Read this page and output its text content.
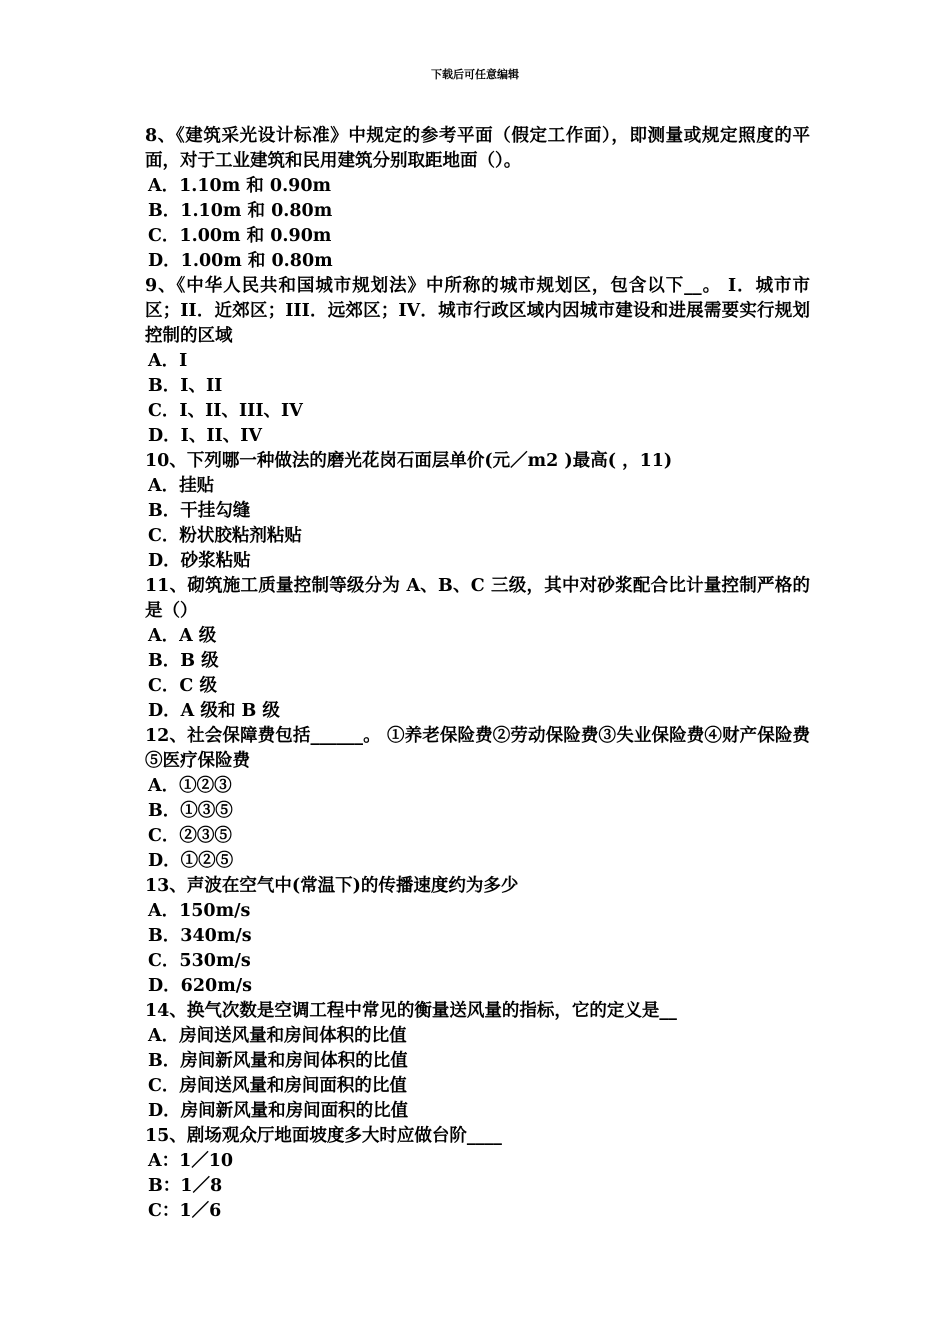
下载后可任意编辑

8、《建筑采光设计标准》中规定的参考平面（假定工作面），即测量或规定照度的平面，对于工业建筑和民用建筑分别取距地面（）。

A．1.10m 和 0.90m

B．1.10m 和 0.80m

C．1.00m 和 0.90m

D．1.00m 和 0.80m

9、《中华人民共和国城市规划法》中所称的城市规划区，包含以下__。 I．城市市区；II．近郊区；III．远郊区；IV．城市行政区域内因城市建设和进展需要实行规划控制的区域

A．I

B．I、II

C．I、II、III、IV

D．I、II、IV

10、下列哪一种做法的磨光花岗石面层单价(元／m2 )最高( ，11)

A．挂贴

B．干挂勾缝

C．粉状胶粘剂粘贴

D．砂浆粘贴

11、砌筑施工质量控制等级分为 A、B、C 三级，其中对砂浆配合比计量控制严格的是（）

A．A 级

B．B 级

C．C 级

D．A 级和 B 级

12、社会保障费包括______。 ①养老保险费②劳动保险费③失业保险费④财产保险费⑤医疗保险费

A．①②③

B．①③⑤

C．②③⑤

D．①②⑤

13、声波在空气中(常温下)的传播速度约为多少

A．150m/s

B．340m/s

C．530m/s

D．620m/s

14、换气次数是空调工程中常见的衡量送风量的指标，它的定义是__

A．房间送风量和房间体积的比值

B．房间新风量和房间体积的比值

C．房间送风量和房间面积的比值

D．房间新风量和房间面积的比值

15、剧场观众厅地面坡度多大时应做台阶____

A：1／10

B：1／8

C：1／6
